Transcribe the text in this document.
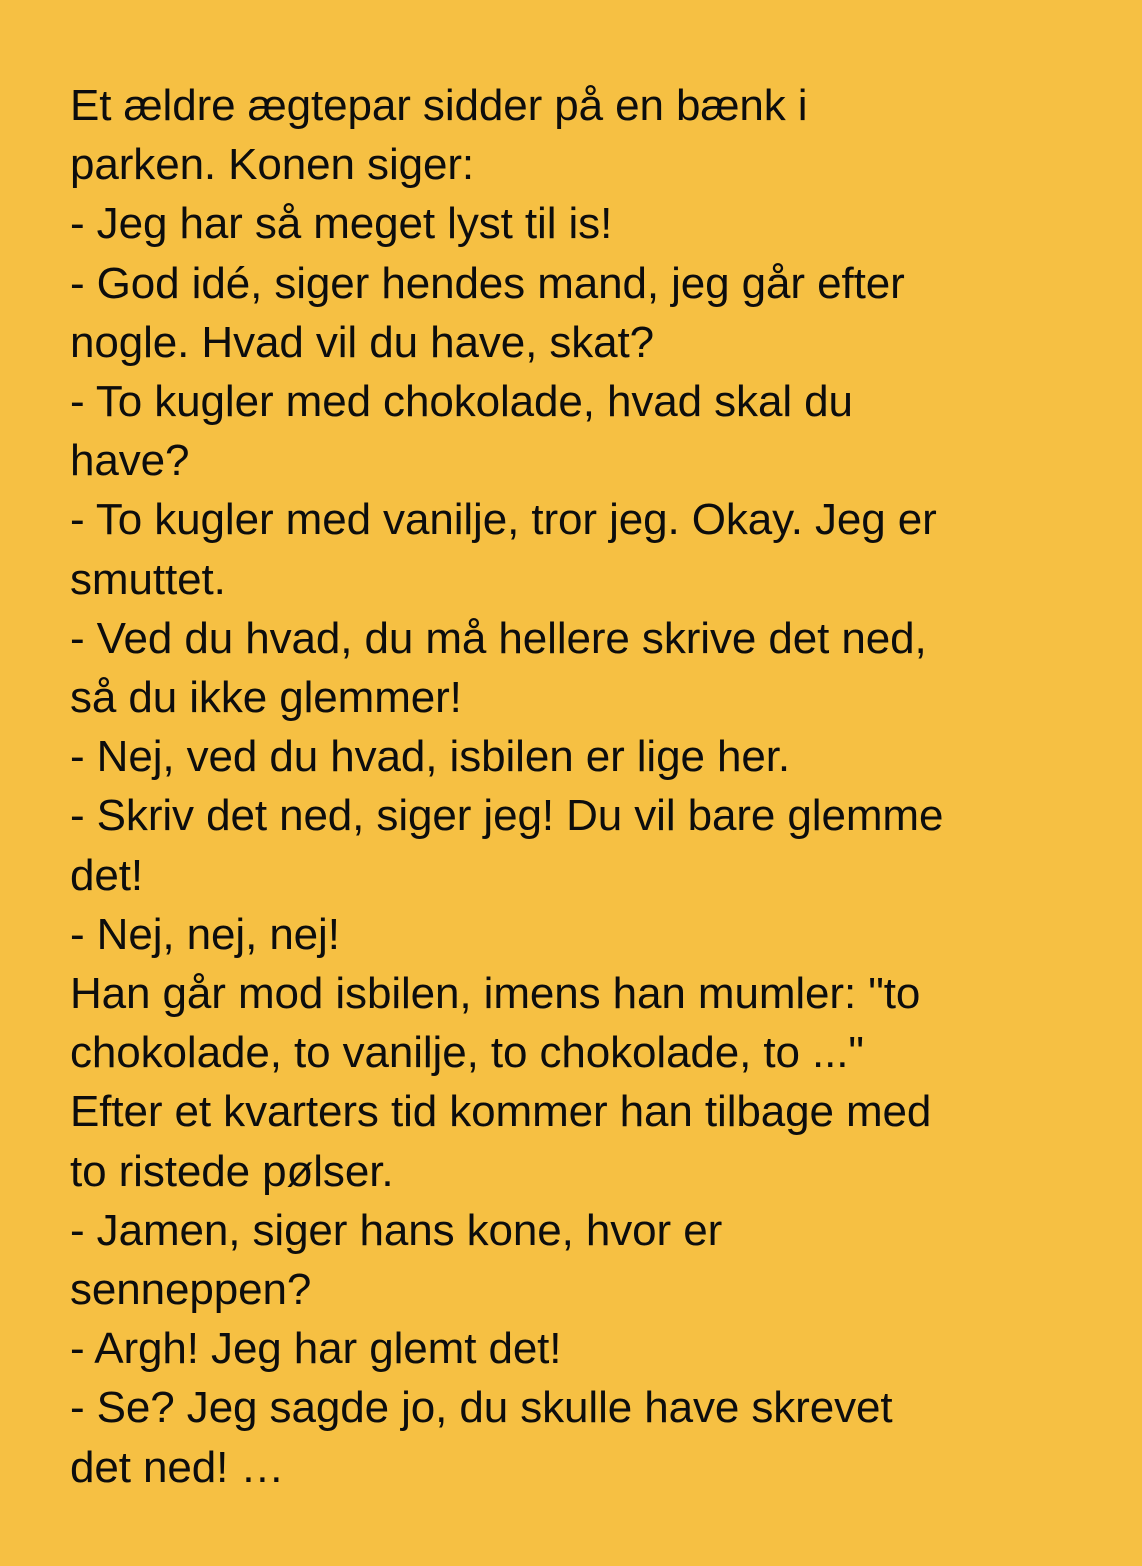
Et ældre ægtepar sidder på en bænk i
parken. Konen siger:
- Jeg har så meget lyst til is!
- God idé, siger hendes mand, jeg går efter
nogle. Hvad vil du have, skat?
- To kugler med chokolade, hvad skal du
have?
- To kugler med vanilje, tror jeg. Okay. Jeg er
smuttet.
- Ved du hvad, du må hellere skrive det ned,
så du ikke glemmer!
- Nej, ved du hvad, isbilen er lige her.
- Skriv det ned, siger jeg! Du vil bare glemme
det!
- Nej, nej, nej!
Han går mod isbilen, imens han mumler: "to
chokolade, to vanilje, to chokolade, to ..."
Efter et kvarters tid kommer han tilbage med
to ristede pølser.
- Jamen, siger hans kone, hvor er
senneppen?
- Argh! Jeg har glemt det!
- Se? Jeg sagde jo, du skulle have skrevet
det ned! …
